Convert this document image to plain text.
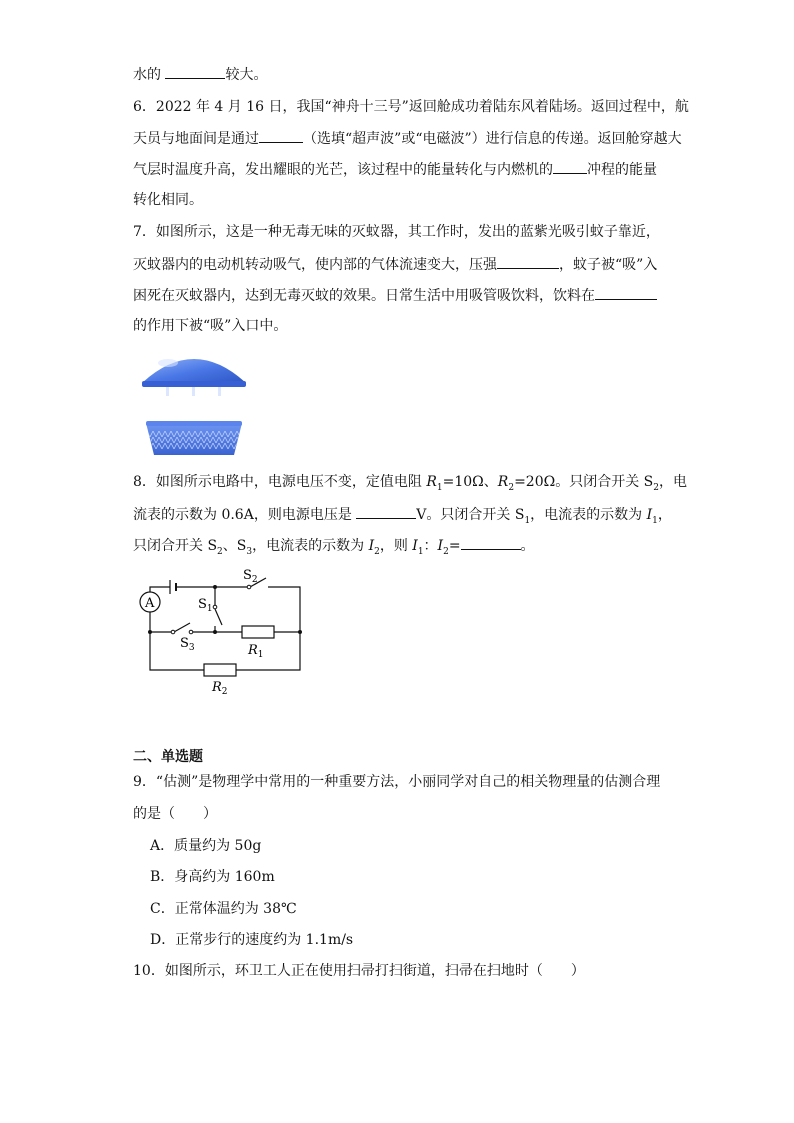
水的	较大。
6．2022 年 4 月 16 日，我国“神舟十三号”返回舱成功着陆东风着陆场。返回过程中，航
天员与地面间是通过	（选填“超声波”或“电磁波”）进行信息的传递。返回舱穿越大
气层时温度升高，发出耀眼的光芒，该过程中的能量转化与内燃机的 冲程的能量
转化相同。
7．如图所示，这是一种无毒无味的灭蚊器，其工作时，发出的蓝紫光吸引蚊子靠近，
灭蚊器内的电动机转动吸气，使内部的气体流速变大，压强	，蚊子被“吸”入
困死在灭蚊器内，达到无毒灭蚊的效果。日常生活中用吸管吸饮料，饮料在
的作用下被“吸”入口中。
8．如图所示电路中，电源电压不变，定值电阻 $R_1=10\Omega$、$R_2=20\Omega$。只闭合开关 $S_2$，电
流表的示数为 0.6A，则电源电压是	V。只闭合开关 $S_1$，电流表的示数为 $I_1$，
只闭合开关 $S_2$、$S_3$，电流表的示数为 $I_2$，则 $I_1$：$I_2=$	。
A
$S_2$
$S_1$
$S_3$	$R_1$
$R_2$
二、单选题
9．“估测”是物理学中常用的一种重要方法，小丽同学对自己的相关物理量的估测合理
的是（　　）
A．质量约为 50g
B．身高约为 160m
C．正常体温约为 38℃
D．正常步行的速度约为 1.1m/s
10．如图所示，环卫工人正在使用扫帚打扫街道，扫帚在扫地时（　　）
